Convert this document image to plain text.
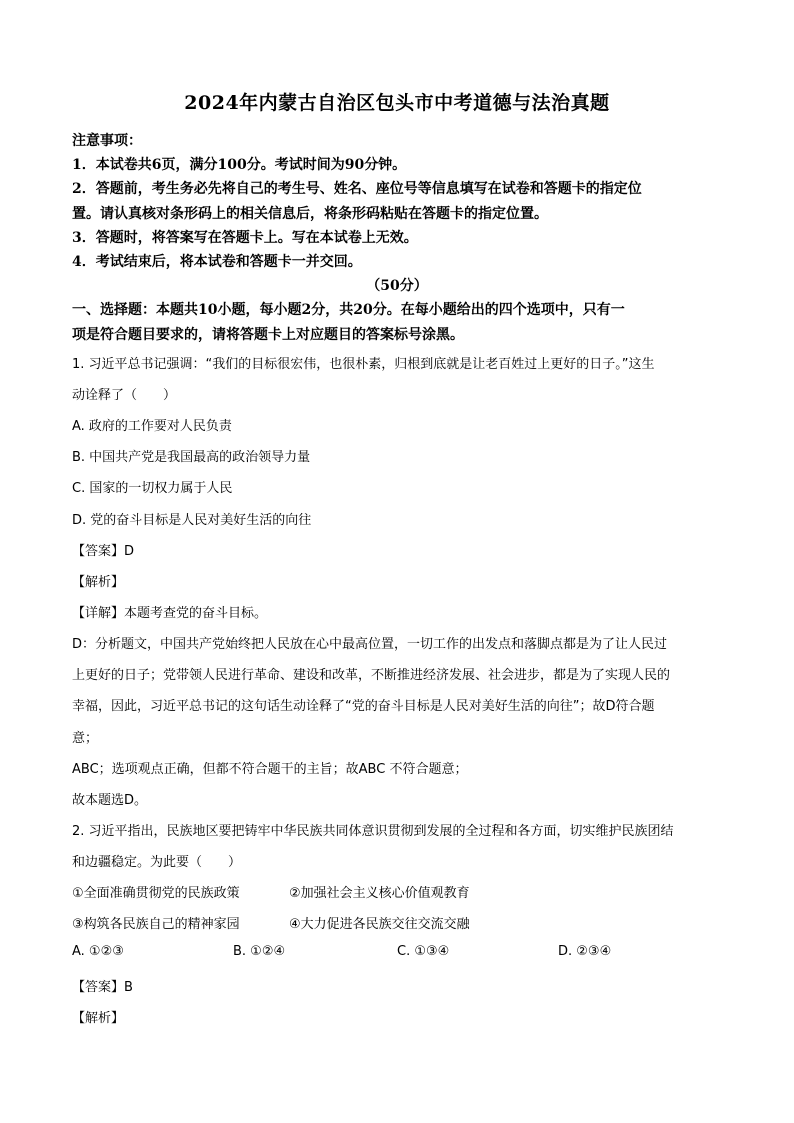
2024年内蒙古自治区包头市中考道德与法治真题
注意事项：
1．本试卷共6页，满分100分。考试时间为90分钟。
2．答题前，考生务必先将自己的考生号、姓名、座位号等信息填写在试卷和答题卡的指定位
置。请认真核对条形码上的相关信息后，将条形码粘贴在答题卡的指定位置。
3．答题时，将答案写在答题卡上。写在本试卷上无效。
4．考试结束后，将本试卷和答题卡一并交回。
（50分）
一、选择题：本题共10小题，每小题2分，共20分。在每小题给出的四个选项中，只有一
项是符合题目要求的，请将答题卡上对应题目的答案标号涂黑。
1. 习近平总书记强调：“我们的目标很宏伟，也很朴素，归根到底就是让老百姓过上更好的日子。”这生
动诠释了（　　）
A. 政府的工作要对人民负责
B. 中国共产党是我国最高的政治领导力量
C. 国家的一切权力属于人民
D. 党的奋斗目标是人民对美好生活的向往
【答案】D
【解析】
【详解】本题考查党的奋斗目标。
D：分析题文，中国共产党始终把人民放在心中最高位置，一切工作的出发点和落脚点都是为了让人民过
上更好的日子；党带领人民进行革命、建设和改革，不断推进经济发展、社会进步，都是为了实现人民的
幸福，因此，习近平总书记的这句话生动诠释了“党的奋斗目标是人民对美好生活的向往”；故D符合题
意；
ABC；选项观点正确，但都不符合题干的主旨；故ABC 不符合题意；
故本题选D。
2. 习近平指出，民族地区要把铸牢中华民族共同体意识贯彻到发展的全过程和各方面，切实维护民族团结
和边疆稳定。为此要（　　）
①全面准确贯彻党的民族政策	②加强社会主义核心价值观教育
③构筑各民族自己的精神家园	④大力促进各民族交往交流交融
A. ①②③	B. ①②④	C. ①③④	D. ②③④
【答案】B
【解析】
